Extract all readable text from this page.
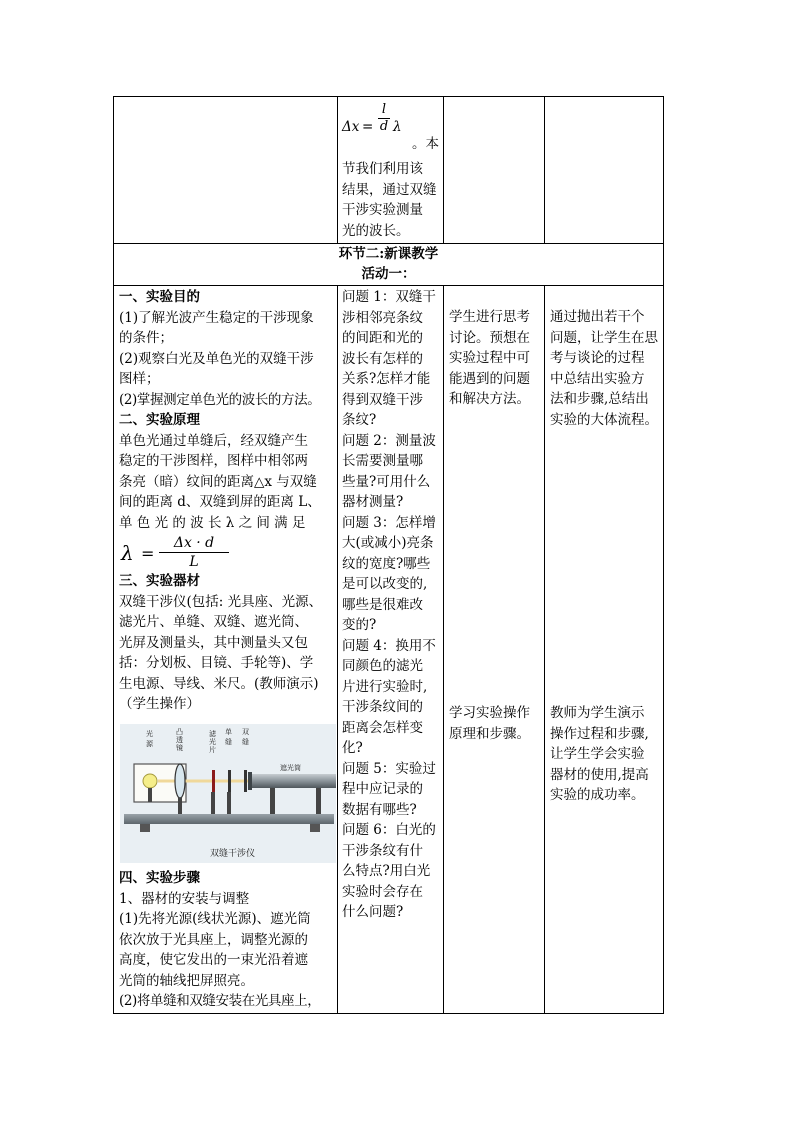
Δx =
l
d λ
。本

节我们利用该

结果，通过双缝

干涉实验测量

光的波长。

环节二:新课教学

活动一：

一、实验目的

(1)了解光波产生稳定的干涉现象

的条件；

(2)观察白光及单色光的双缝干涉

图样；

(2)掌握测定单色光的波长的方法。

二、实验原理

单色光通过单缝后，经双缝产生

稳定的干涉图样，图样中相邻两

条亮（暗）纹间的距离△x 与双缝

间的距离 d、双缝到屏的距离 L、

单 色 光 的 波 长 λ 之 间 满 足

λ =
Δx · d
L

三、实验器材

双缝干涉仪(包括: 光具座、光源、

滤光片、单缝、双缝、遮光筒、

光屏及测量头，其中测量头又包

括：分划板、目镜、手轮等)、学

生电源、导线、米尺。(教师演示)

（学生操作）

光
源
凸
透
镜
滤
光
片
单
缝
双
缝
遮光筒
双缝干涉仪

四、实验步骤

1、器材的安装与调整

(1)先将光源(线状光源)、遮光筒

依次放于光具座上，调整光源的

高度，使它发出的一束光沿着遮

光筒的轴线把屏照亮。

(2)将单缝和双缝安装在光具座上，

问题 1：双缝干

涉相邻亮条纹

的间距和光的

波长有怎样的

关系?怎样才能

得到双缝干涉

条纹?

问题 2：测量波

长需要测量哪

些量?可用什么

器材测量?

问题 3：怎样增

大(或减小)亮条

纹的宽度?哪些

是可以改变的,

哪些是很难改

变的?

问题 4：换用不

同颜色的滤光

片进行实验时,

干涉条纹间的

距离会怎样变

化?

问题 5：实验过

程中应记录的

数据有哪些?

问题 6：白光的

干涉条纹有什

么特点?用白光

实验时会存在

什么问题?

学生进行思考

讨论。预想在

实验过程中可

能遇到的问题

和解决方法。

学习实验操作

原理和步骤。

通过抛出若干个

问题，让学生在思

考与谈论的过程

中总结出实验方

法和步骤,总结出

实验的大体流程。

教师为学生演示

操作过程和步骤,

让学生学会实验

器材的使用,提高

实验的成功率。
